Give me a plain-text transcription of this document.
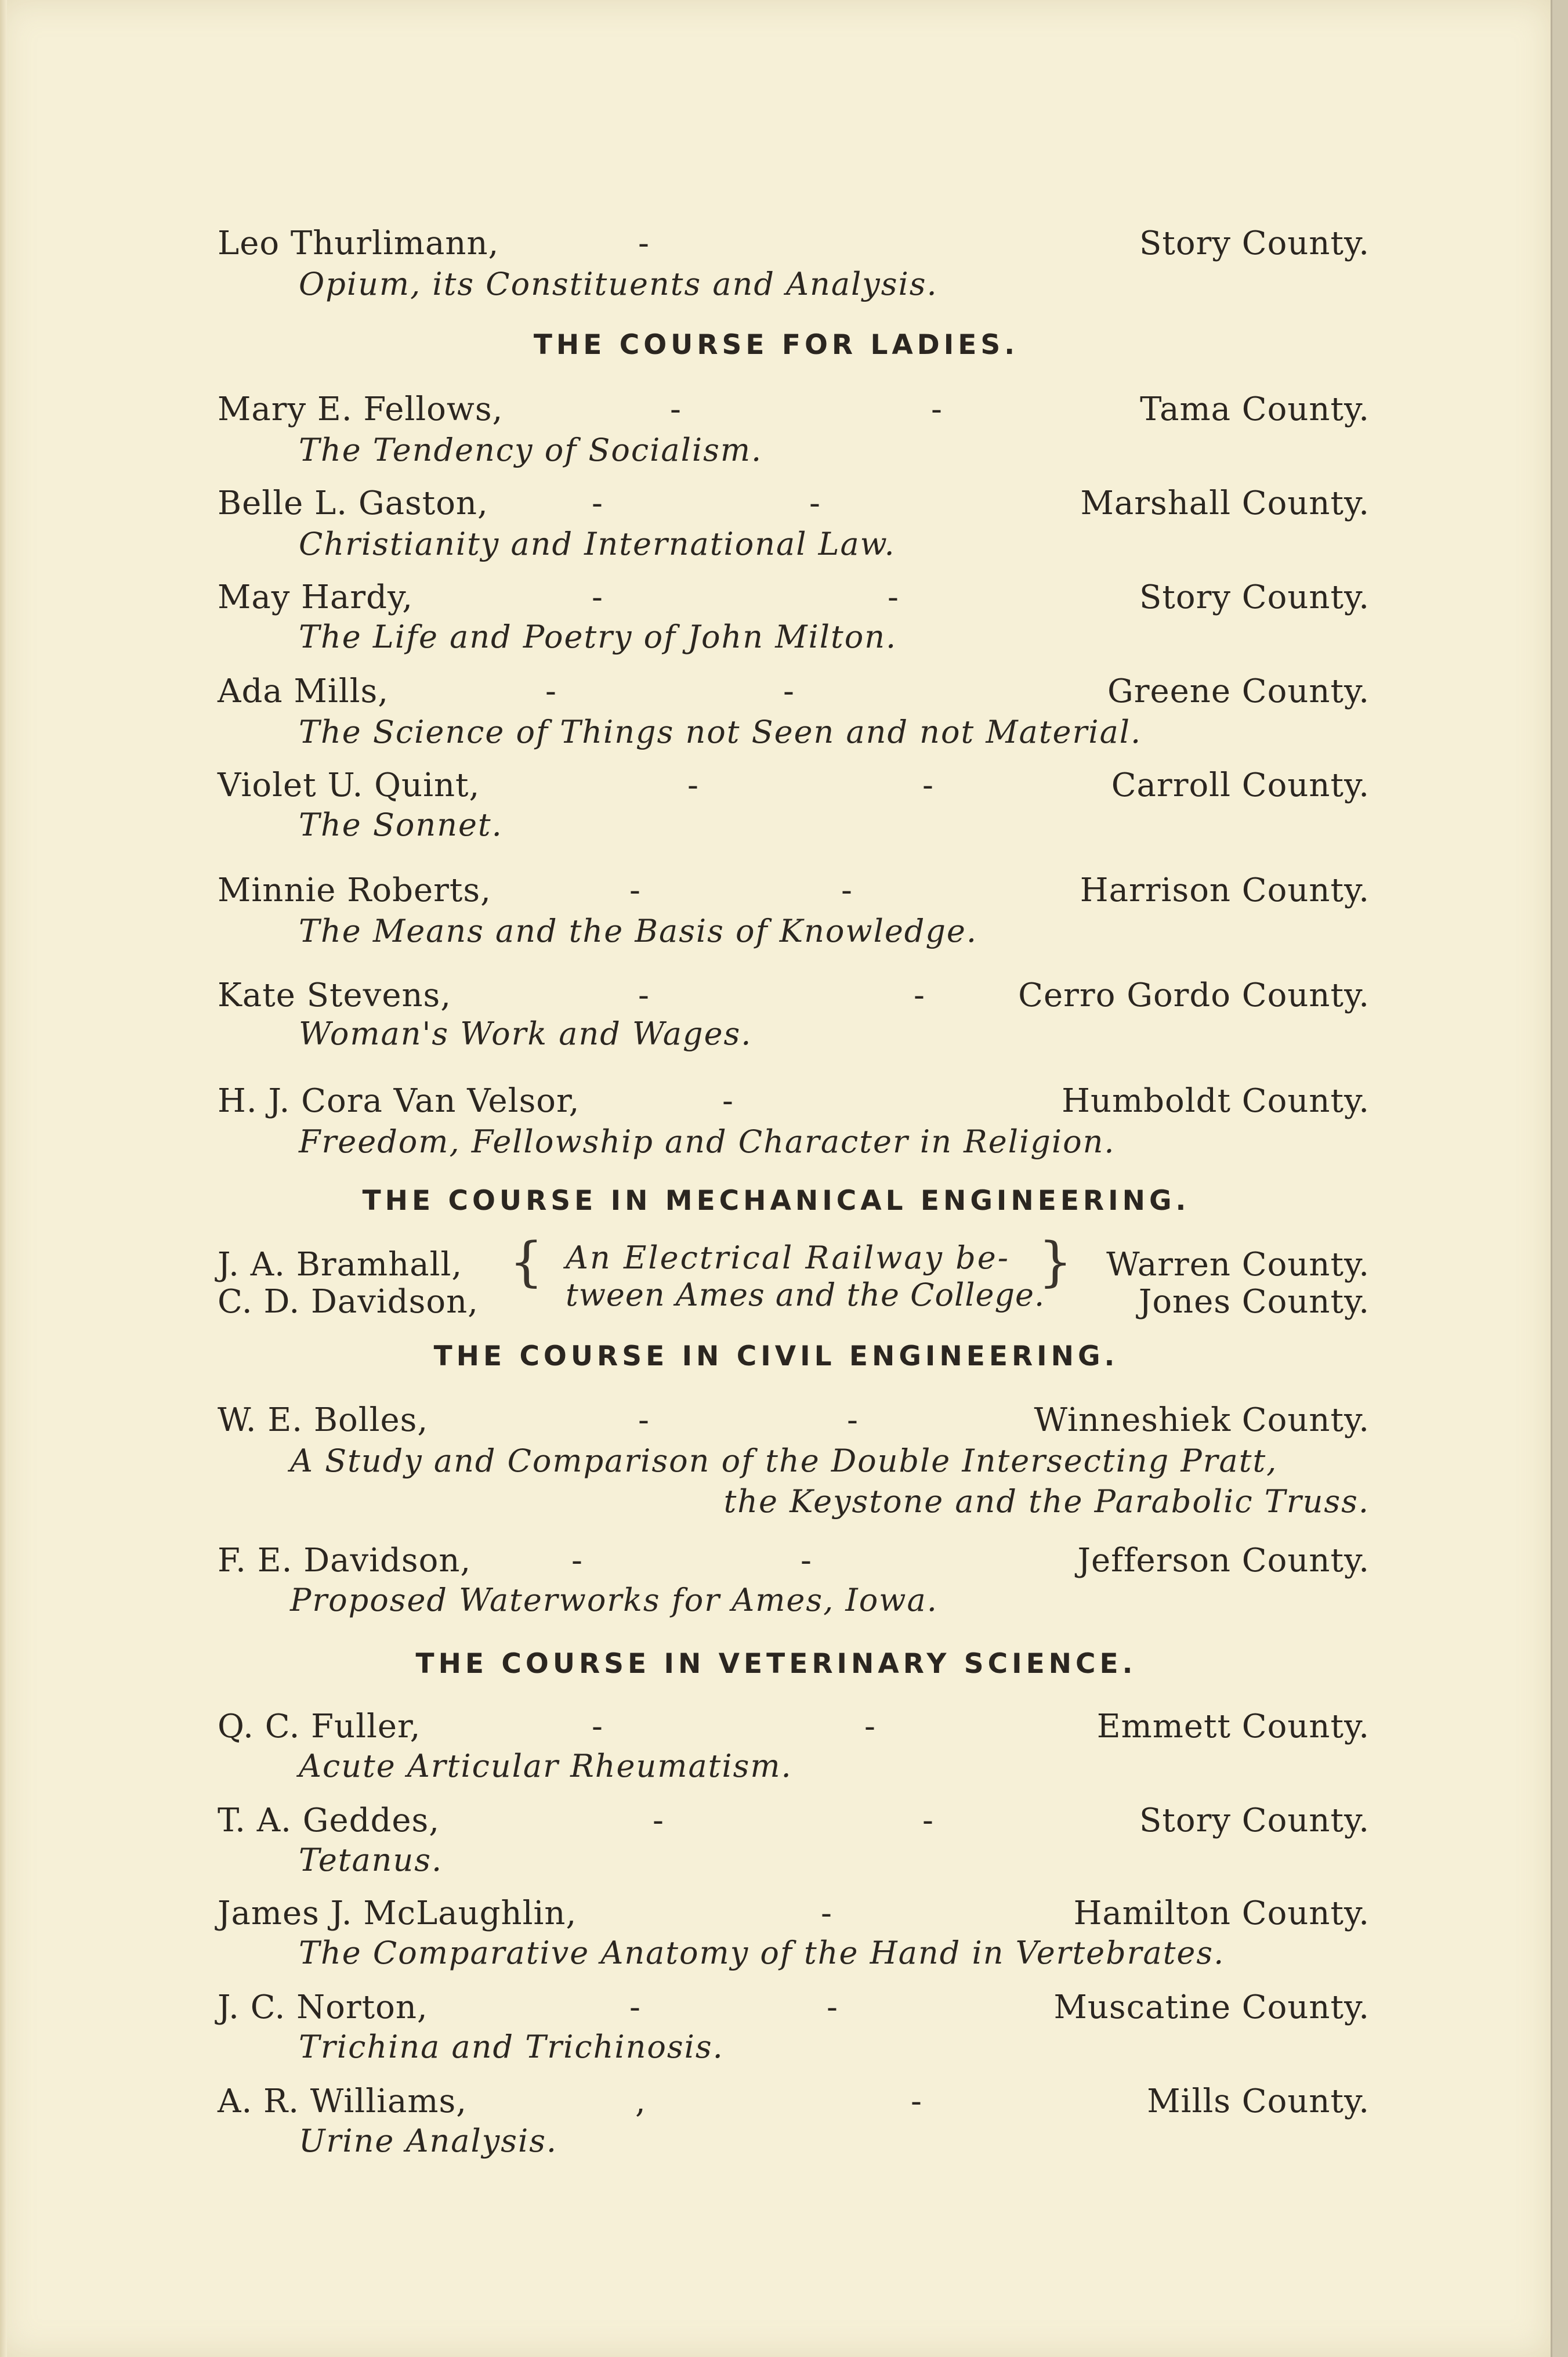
Leo Thurlimann,	-	Story County.
Opium, its Constituents and Analysis.
THE COURSE FOR LADIES.
Mary E. Fellows,	-	-	Tama County.
The Tendency of Socialism.
Belle L. Gaston,	-	-	Marshall County.
Christianity and International Law.
May Hardy,	-	-	Story County.
The Life and Poetry of John Milton.
Ada Mills,	-	-	Greene County.
The Science of Things not Seen and not Material.
Violet U. Quint,	-	-	Carroll County.
The Sonnet.
Minnie Roberts,	-	-	Harrison County.
The Means and the Basis of Knowledge.
Kate Stevens,	-	-	Cerro Gordo County.
Woman's Work and Wages.
H. J. Cora Van Velsor,	-	Humboldt County.
Freedom, Fellowship and Character in Religion.
THE COURSE IN MECHANICAL ENGINEERING.
J. A. Bramhall,	Warren County.
C. D. Davidson,	Jones County.
{	}
An Electrical Railway be-
tween Ames and the College.
THE COURSE IN CIVIL ENGINEERING.
W. E. Bolles,	-	-	Winneshiek County.
A Study and Comparison of the Double Intersecting Pratt,
the Keystone and the Parabolic Truss.
F. E. Davidson,	-	-	Jefferson County.
Proposed Waterworks for Ames, Iowa.
THE COURSE IN VETERINARY SCIENCE.
Q. C. Fuller,	-	-	Emmett County.
Acute Articular Rheumatism.
T. A. Geddes,	-	-	Story County.
Tetanus.
James J. McLaughlin,	-	Hamilton County.
The Comparative Anatomy of the Hand in Vertebrates.
J. C. Norton,	-	-	Muscatine County.
Trichina and Trichinosis.
A. R. Williams,	,	-	Mills County.
Urine Analysis.
